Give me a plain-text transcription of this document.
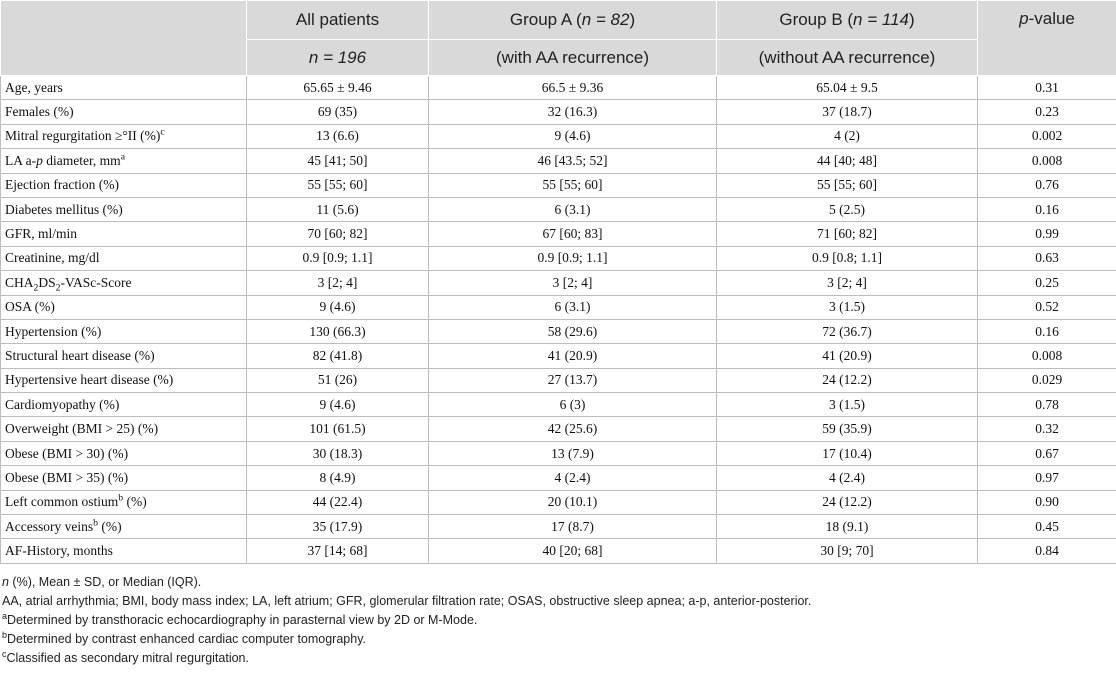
	All patients	Group A (n = 82)	Group B (n = 114)	p-value
	n = 196	(with AA recurrence)	(without AA recurrence)	
Age, years	65.65 ± 9.46	66.5 ± 9.36	65.04 ± 9.5	0.31
Females (%)	69 (35)	32 (16.3)	37 (18.7)	0.23
Mitral regurgitation ≥°II (%)$^c$	13 (6.6)	9 (4.6)	4 (2)	0.002
LA a-p diameter, $mm^a$	45 [41; 50]	46 [43.5; 52]	44 [40; 48]	0.008
Ejection fraction (%)	55 [55; 60]	55 [55; 60]	55 [55; 60]	0.76
Diabetes mellitus (%)	11 (5.6)	6 (3.1)	5 (2.5)	0.16
GFR, ml/min	70 [60; 82]	67 [60; 83]	71 [60; 82]	0.99
Creatinine, mg/dl	0.9 [0.9; 1.1]	0.9 [0.9; 1.1]	0.9 [0.8; 1.1]	0.63
$CHA_2DS_2-VASc$-Score	3 [2; 4]	3 [2; 4]	3 [2; 4]	0.25
OSA (%)	9 (4.6)	6 (3.1)	3 (1.5)	0.52
Hypertension (%)	130 (66.3)	58 (29.6)	72 (36.7)	0.16
Structural heart disease (%)	82 (41.8)	41 (20.9)	41 (20.9)	0.008
Hypertensive heart disease (%)	51 (26)	27 (13.7)	24 (12.2)	0.029
Cardiomyopathy (%)	9 (4.6)	6 (3)	3 (1.5)	0.78
Overweight (BMI > 25) (%)	101 (61.5)	42 (25.6)	59 (35.9)	0.32
Obese (BMI > 30) (%)	30 (18.3)	13 (7.9)	17 (10.4)	0.67
Obese (BMI > 35) (%)	8 (4.9)	4 (2.4)	4 (2.4)	0.97
Left common ostium$^b$ (%)	44 (22.4)	20 (10.1)	24 (12.2)	0.90
Accessory veins$^b$ (%)	35 (17.9)	17 (8.7)	18 (9.1)	0.45
AF-History, months	37 [14; 68]	40 [20; 68]	30 [9; 70]	0.84
n (%), Mean ± SD, or Median (IQR).
AA, atrial arrhythmia; BMI, body mass index; LA, left atrium; GFR, glomerular filtration rate; OSAS, obstructive sleep apnea; a-p, anterior-posterior.
$^a$Determined by transthoracic echocardiography in parasternal view by 2D or M-Mode.
$^b$Determined by contrast enhanced cardiac computer tomography.
$^c$Classified as secondary mitral regurgitation.
